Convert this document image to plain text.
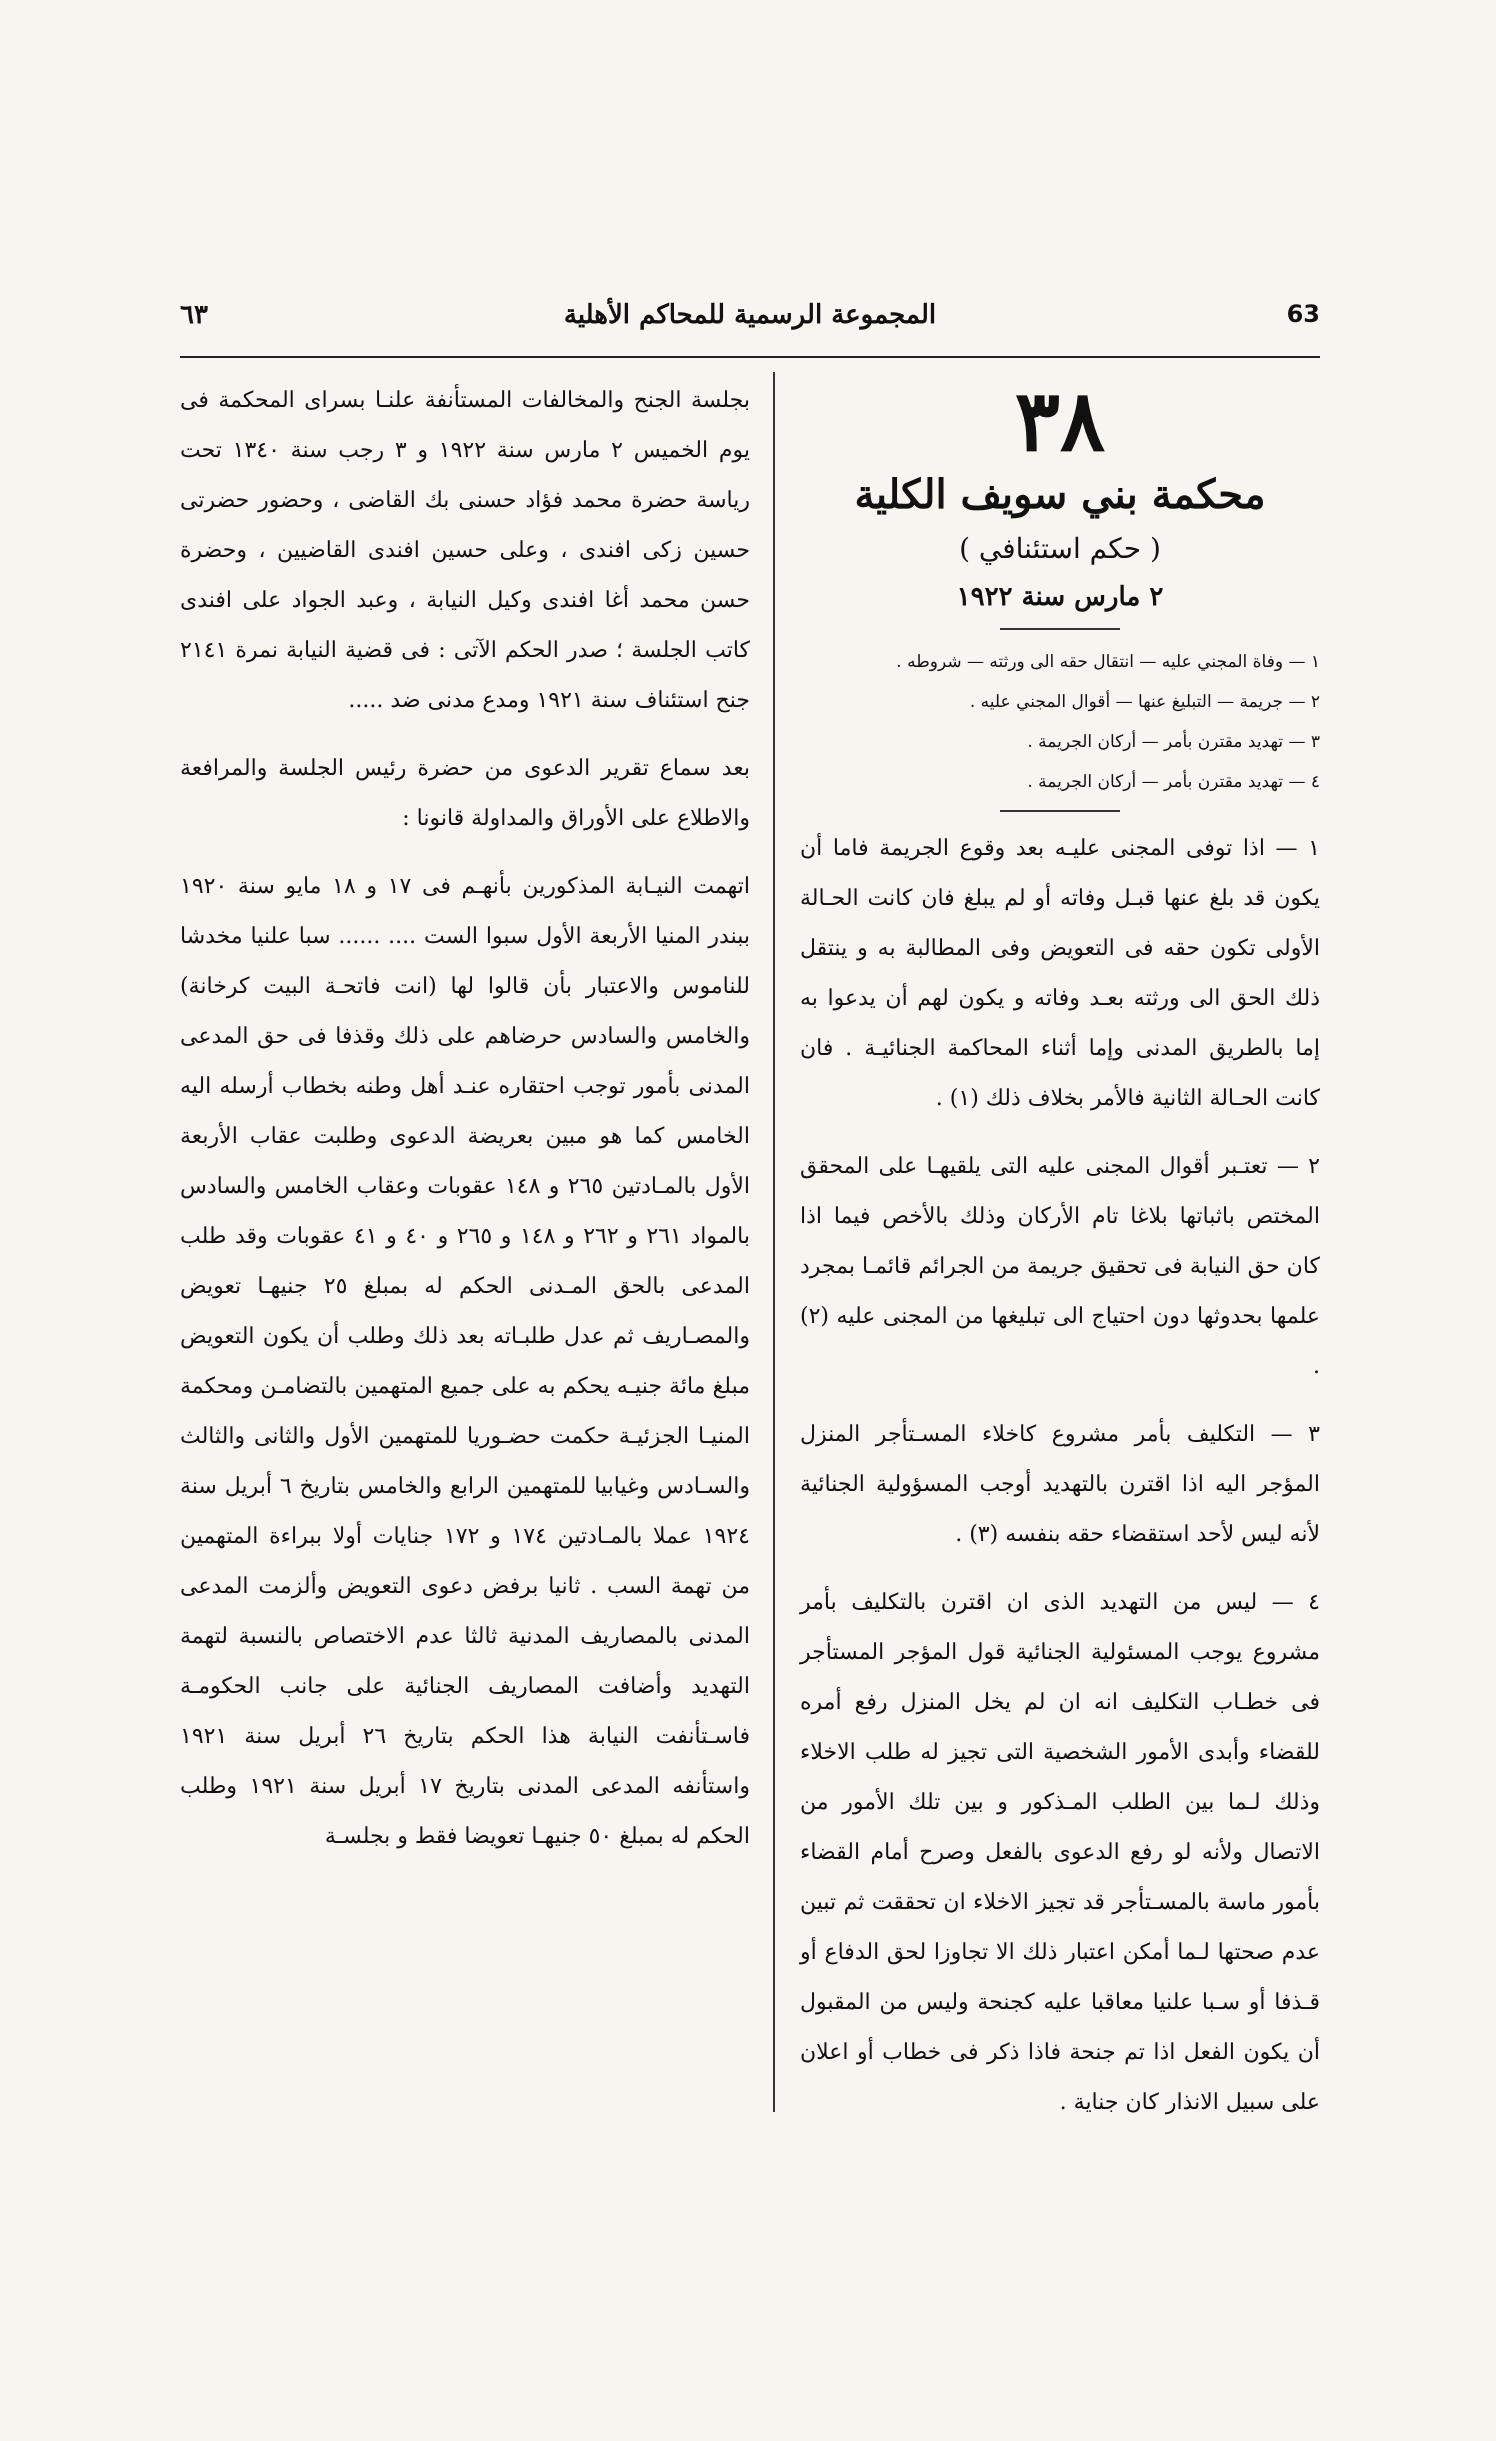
63
المجموعة الرسمية للمحاكم الأهلية
٦٣
٣٨
محكمة بني سويف الكلية
( حكم استئنافي )
٢ مارس سنة ١٩٢٢
١ — وفاة المجني عليه — انتقال حقه الى ورثته — شروطه .
٢ — جريمة — التبليغ عنها — أقوال المجني عليه .
٣ — تهديد مقترن بأمر — أركان الجريمة .
٤ — تهديد مقترن بأمر — أركان الجريمة .

١ — اذا توفى المجنى عليـه بعد وقوع الجريمة فاما أن يكون قد بلغ عنها قبـل وفاته أو لم يبلغ فان كانت الحـالة الأولى تكون حقه فى التعويض وفى المطالبة به و ينتقل ذلك الحق الى ورثته بعـد وفاته و يكون لهم أن يدعوا به إما بالطريق المدنى وإما أثناء المحاكمة الجنائيـة . فان كانت الحـالة الثانية فالأمر بخلاف ذلك (١) .

٢ — تعتـبر أقوال المجنى عليه التى يلقيهـا على المحقق المختص باثباتها بلاغا تام الأركان وذلك بالأخص فيما اذا كان حق النيابة فى تحقيق جريمة من الجرائم قائمـا بمجرد علمها بحدوثها دون احتياج الى تبليغها من المجنى عليه (٢) .

٣ — التكليف بأمر مشروع كاخلاء المسـتأجر المنزل المؤجر اليه اذا اقترن بالتهديد أوجب المسؤولية الجنائية لأنه ليس لأحد استقضاء حقه بنفسه (٣) .

٤ — ليس من التهديد الذى ان اقترن بالتكليف بأمر مشروع يوجب المسئولية الجنائية قول المؤجر المستأجر فى خطـاب التكليف انه ان لم يخل المنزل رفع أمره للقضاء وأبدى الأمور الشخصية التى تجيز له طلب الاخلاء وذلك لـما بين الطلب المـذكور و بين تلك الأمور من الاتصال ولأنه لو رفع الدعوى بالفعل وصرح أمام القضاء بأمور ماسة بالمسـتأجر قد تجيز الاخلاء ان تحققت ثم تبين عدم صحتها لـما أمكن اعتبار ذلك الا تجاوزا لحق الدفاع أو قـذفا أو سـبا علنيا معاقبا عليه كجنحة وليس من المقبول أن يكون الفعل اذا تم جنحة فاذا ذكر فى خطاب أو اعلان على سبيل الانذار كان جناية .

بجلسة الجنح والمخالفات المستأنفة علنـا بسراى المحكمة فى يوم الخميس ٢ مارس سنة ١٩٢٢ و ٣ رجب سنة ١٣٤٠ تحت رياسة حضرة محمد فؤاد حسنى بك القاضى ، وحضور حضرتى حسين زكى افندى ، وعلى حسين افندى القاضيين ، وحضرة حسن محمد أغا افندى وكيل النيابة ، وعبد الجواد على افندى كاتب الجلسة ؛ صدر الحكم الآتى : فى قضية النيابة نمرة ٢١٤١ جنح استئناف سنة ١٩٢١ ومدع مدنى ضد .....

بعد سماع تقرير الدعوى من حضرة رئيس الجلسة والمرافعة والاطلاع على الأوراق والمداولة قانونا :

اتهمت النيـابة المذكورين بأنهـم فى ١٧ و ١٨ مايو سنة ١٩٢٠ ببندر المنيا الأربعة الأول سبوا الست .... ...... سبا علنيا مخدشا للناموس والاعتبار بأن قالوا لها (انت فاتحـة البيت كرخانة) والخامس والسادس حرضاهم على ذلك وقذفا فى حق المدعى المدنى بأمور توجب احتقاره عنـد أهل وطنه بخطاب أرسله اليه الخامس كما هو مبين بعريضة الدعوى وطلبت عقاب الأربعة الأول بالمـادتين ٢٦٥ و ١٤٨ عقوبات وعقاب الخامس والسادس بالمواد ٢٦١ و ٢٦٢ و ١٤٨ و ٢٦٥ و ٤٠ و ٤١ عقوبات وقد طلب المدعى بالحق المـدنى الحكم له بمبلغ ٢٥ جنيهـا تعويض والمصـاريف ثم عدل طلبـاته بعد ذلك وطلب أن يكون التعويض مبلغ مائة جنيـه يحكم به على جميع المتهمين بالتضامـن ومحكمة المنيـا الجزئيـة حكمت حضـوريا للمتهمين الأول والثانى والثالث والسـادس وغيابيا للمتهمين الرابع والخامس بتاريخ ٦ أبريل سنة ١٩٢٤ عملا بالمـادتين ١٧٤ و ١٧٢ جنايات أولا ببراءة المتهمين من تهمة السب . ثانيا برفض دعوى التعويض وألزمت المدعى المدنى بالمصاريف المدنية ثالثا عدم الاختصاص بالنسبة لتهمة التهديد وأضافت المصاريف الجنائية على جانب الحكومـة فاسـتأنفت النيابة هذا الحكم بتاريخ ٢٦ أبريل سنة ١٩٢١ واستأنفه المدعى المدنى بتاريخ ١٧ أبريل سنة ١٩٢١ وطلب الحكم له بمبلغ ٥٠ جنيهـا تعويضا فقط و بجلسـة
